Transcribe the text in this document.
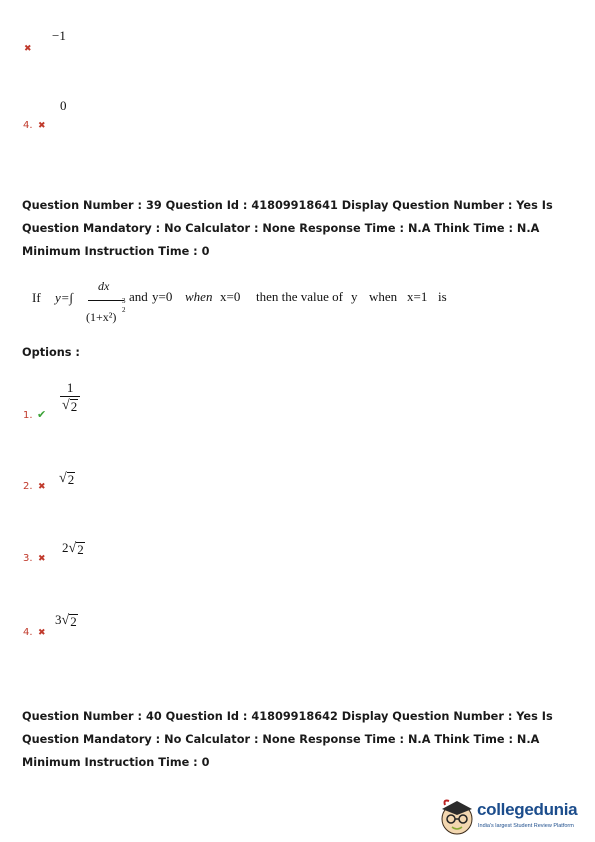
−1
✖
0
4. ✖
Question Number : 39 Question Id : 41809918641 Display Question Number : Yes Is Question Mandatory : No Calculator : None Response Time : N.A Think Time : N.A Minimum Instruction Time : 0
If y=∫
dx
(1+x²)
3
2
and y=0 when x=0 then the value of y when x=1 is
Options :
$\frac{1}{√ 2}$
1. ✔
√ 2
2. ✖
2 √ 2
3. ✖
3 √ 2
4. ✖
Question Number : 40 Question Id : 41809918642 Display Question Number : Yes Is Question Mandatory : No Calculator : None Response Time : N.A Think Time : N.A Minimum Instruction Time : 0
collegedunia
India's largest Student Review Platform
